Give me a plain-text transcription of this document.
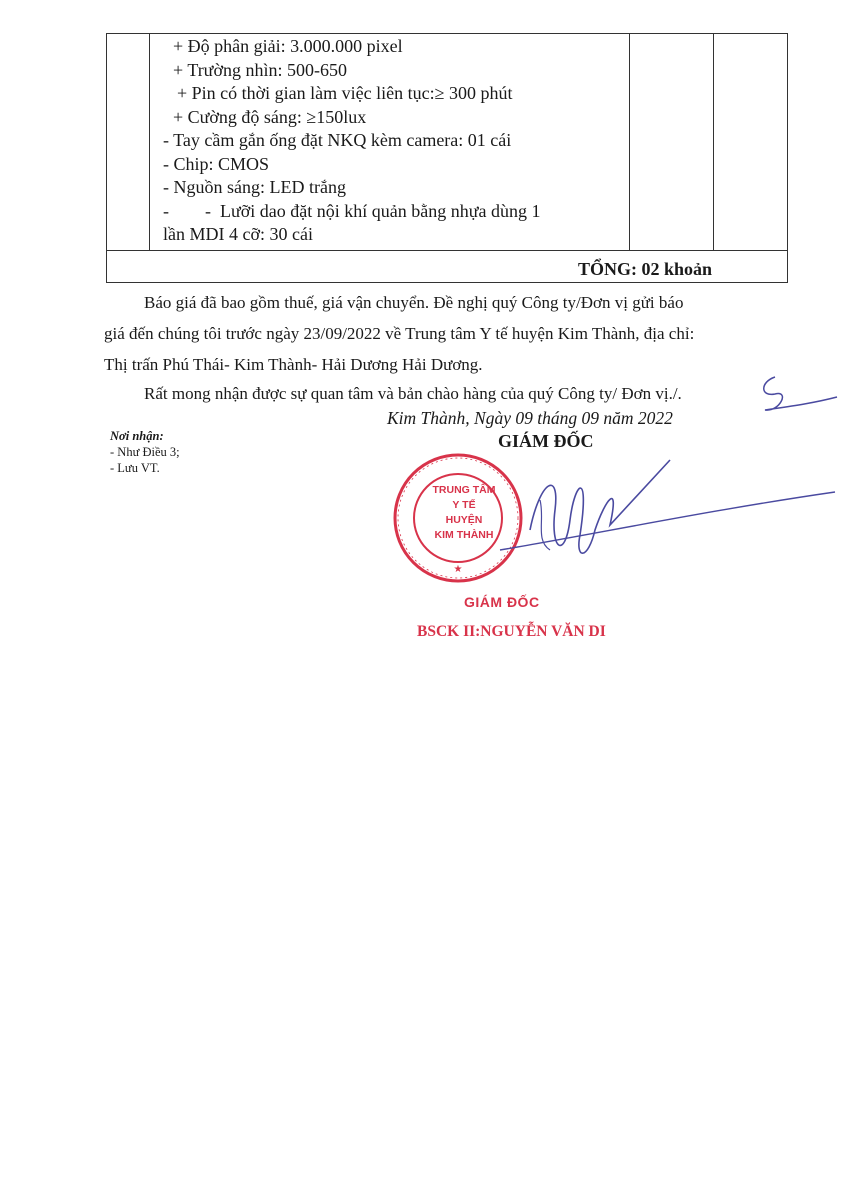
+ Độ phân giải: 3.000.000 pixel
+ Trường nhìn: 500-650
+ Pin có thời gian làm việc liên tục:≥ 300 phút
+ Cường độ sáng: ≥150lux
- Tay cầm gắn ống đặt NKQ kèm camera: 01 cái
- Chip: CMOS
- Nguồn sáng: LED trắng
-        -  Lưỡi dao đặt nội khí quản bằng nhựa dùng 1
lần MDI 4 cỡ: 30 cái
TỔNG: 02 khoản

Báo giá đã bao gồm thuế, giá vận chuyển. Đề nghị quý Công ty/Đơn vị gửi báo

giá đến chúng tôi trước ngày 23/09/2022 về Trung tâm Y tế huyện Kim Thành, địa chỉ:

Thị trấn Phú Thái- Kim Thành- Hải Dương Hải Dương.

Rất mong nhận được sự quan tâm và bản chào hàng của quý Công ty/ Đơn vị./.

Kim Thành, Ngày 09 tháng 09 năm 2022
GIÁM ĐỐC
Nơi nhận:
- Như Điều 3;
- Lưu VT.
★
TRUNG TÂM
Y TẾ
HUYỆN
KIM THÀNH
GIÁM ĐỐC
BSCK II:NGUYỄN VĂN DI
